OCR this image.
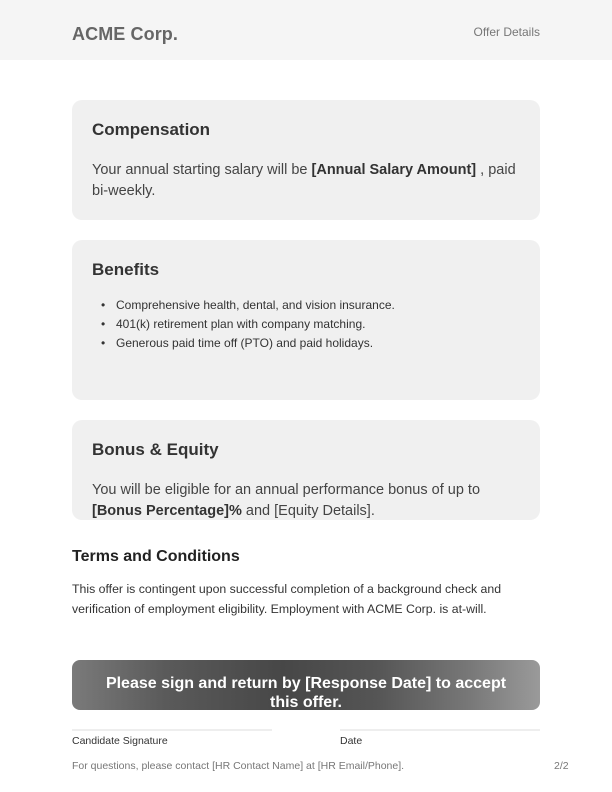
ACME Corp.	Offer Details
Compensation

Your annual starting salary will be [Annual Salary Amount] , paid bi-weekly.

Benefits
• Comprehensive health, dental, and vision insurance.
• 401(k) retirement plan with company matching.
• Generous paid time off (PTO) and paid holidays.
Bonus & Equity

You will be eligible for an annual performance bonus of up to [Bonus Percentage]% and [Equity Details].

Terms and Conditions
This offer is contingent upon successful completion of a background check and verification of employment eligibility. Employment with ACME Corp. is at-will.
Please sign and return by [Response Date] to accept this offer.
Candidate Signature	Date
For questions, please contact [HR Contact Name] at [HR Email/Phone].	2/2
